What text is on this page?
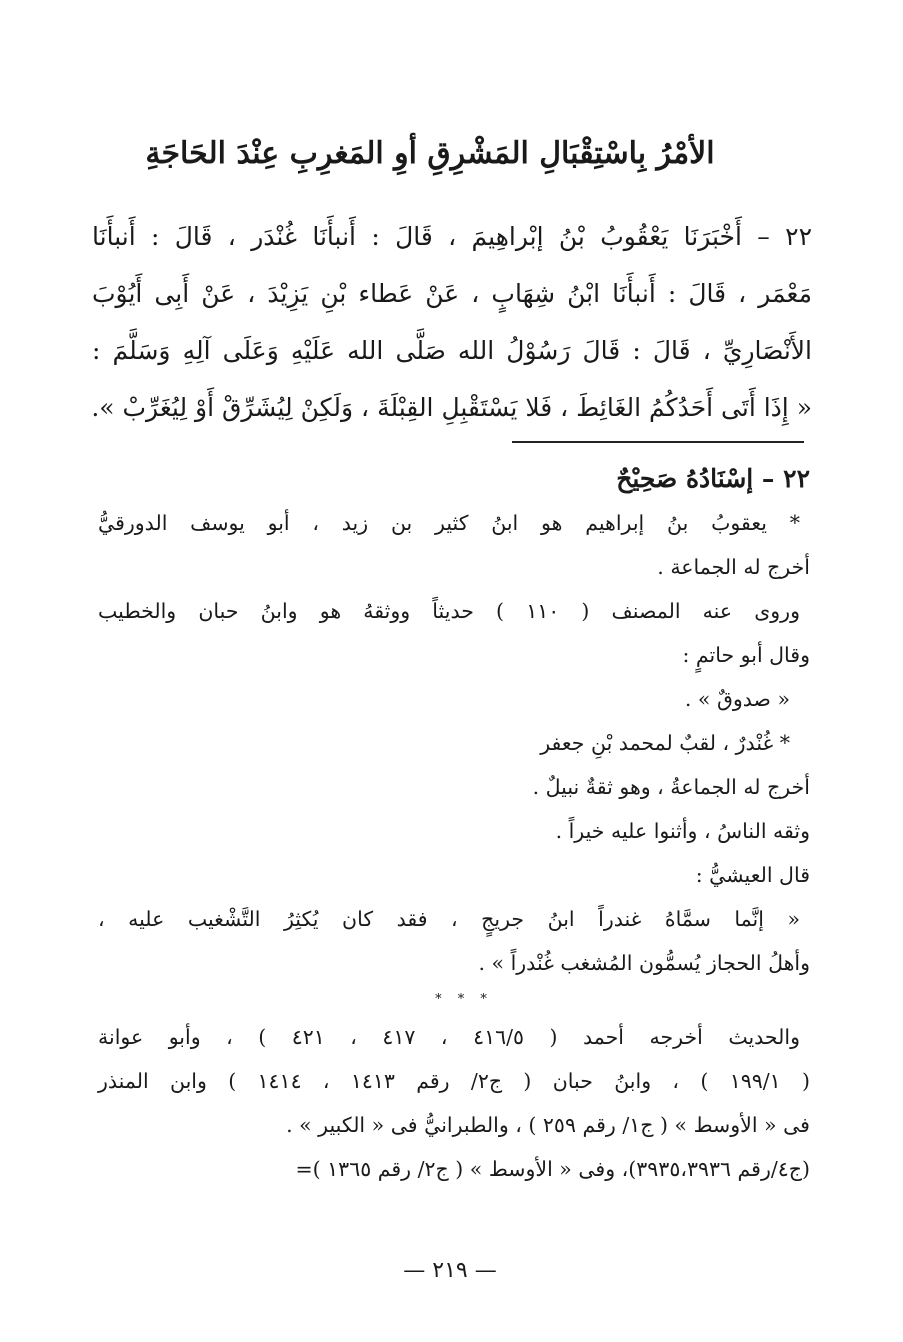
الأمْرُ بِاسْتِقْبَالِ المَشْرِقِ أوِ المَغرِبِ عِنْدَ الحَاجَةِ
٢٢ – أَخْبَرَنَا يَعْقُوبُ بْنُ إبْراهِيمَ ، قَالَ : أَنبأَنَا غُنْدَر ، قَالَ : أَنبأَنَا
مَعْمَر ، قَالَ : أَنبأَنَا ابْنُ شِهَابٍ ، عَنْ عَطاء بْنِ يَزِيْدَ ، عَنْ أَبِى أَيُوْبَ
الأَنْصَارِيِّ ، قَالَ : قَالَ رَسُوْلُ الله صَلَّى الله عَلَيْهِ وَعَلَى آلِهِ وَسَلَّمَ :
« إِذَا أَتَى أَحَدُكُمُ الغَائِطَ ، فَلا يَسْتَقْبِلِ القِبْلَةَ ، وَلَكِنْ لِيُشَرِّقْ أَوْ لِيُغَرِّبْ ».
٢٢ – إسْنَادُهُ صَحِيْحٌ
* يعقوبُ بنُ إبراهيم هو ابنُ كثير بن زيد ، أبو يوسف الدورقيُّ
أخرج له الجماعة .
وروى عنه المصنف ( ١١٠ ) حديثاً ووثقهُ هو وابنُ حبان والخطيب
وقال أبو حاتمٍ :
« صدوقٌ » .
* غُنْدرٌ ، لقبٌ لمحمد بْنِ جعفر
أخرج له الجماعةُ ، وهو ثقةٌ نبيلٌ .
وثقه الناسُ ، وأثنوا عليه خيراً .
قال العيشيُّ :
« إنَّما سمَّاهُ غندراً ابنُ جريجٍ ، فقد كان يُكثِرُ التَّشْغيب عليه ،
وأهلُ الحجاز يُسمُّون المُشغب غُنْدراً » .
* * *
والحديث أخرجه أحمد ( ٤١٦/٥ ، ٤١٧ ، ٤٢١ ) ، وأبو عوانة
( ١٩٩/١ ) ، وابنُ حبان ( ج٢/ رقم ١٤١٣ ، ١٤١٤ ) وابن المنذر
فى « الأوسط » ( ج١/ رقم ٢٥٩ ) ، والطبرانيُّ فى « الكبير » .
(ج٤/رقم ٣٩٣٥،٣٩٣٦)، وفى « الأوسط » ( ج٢/ رقم ١٣٦٥ )=
— ٢١٩ —
